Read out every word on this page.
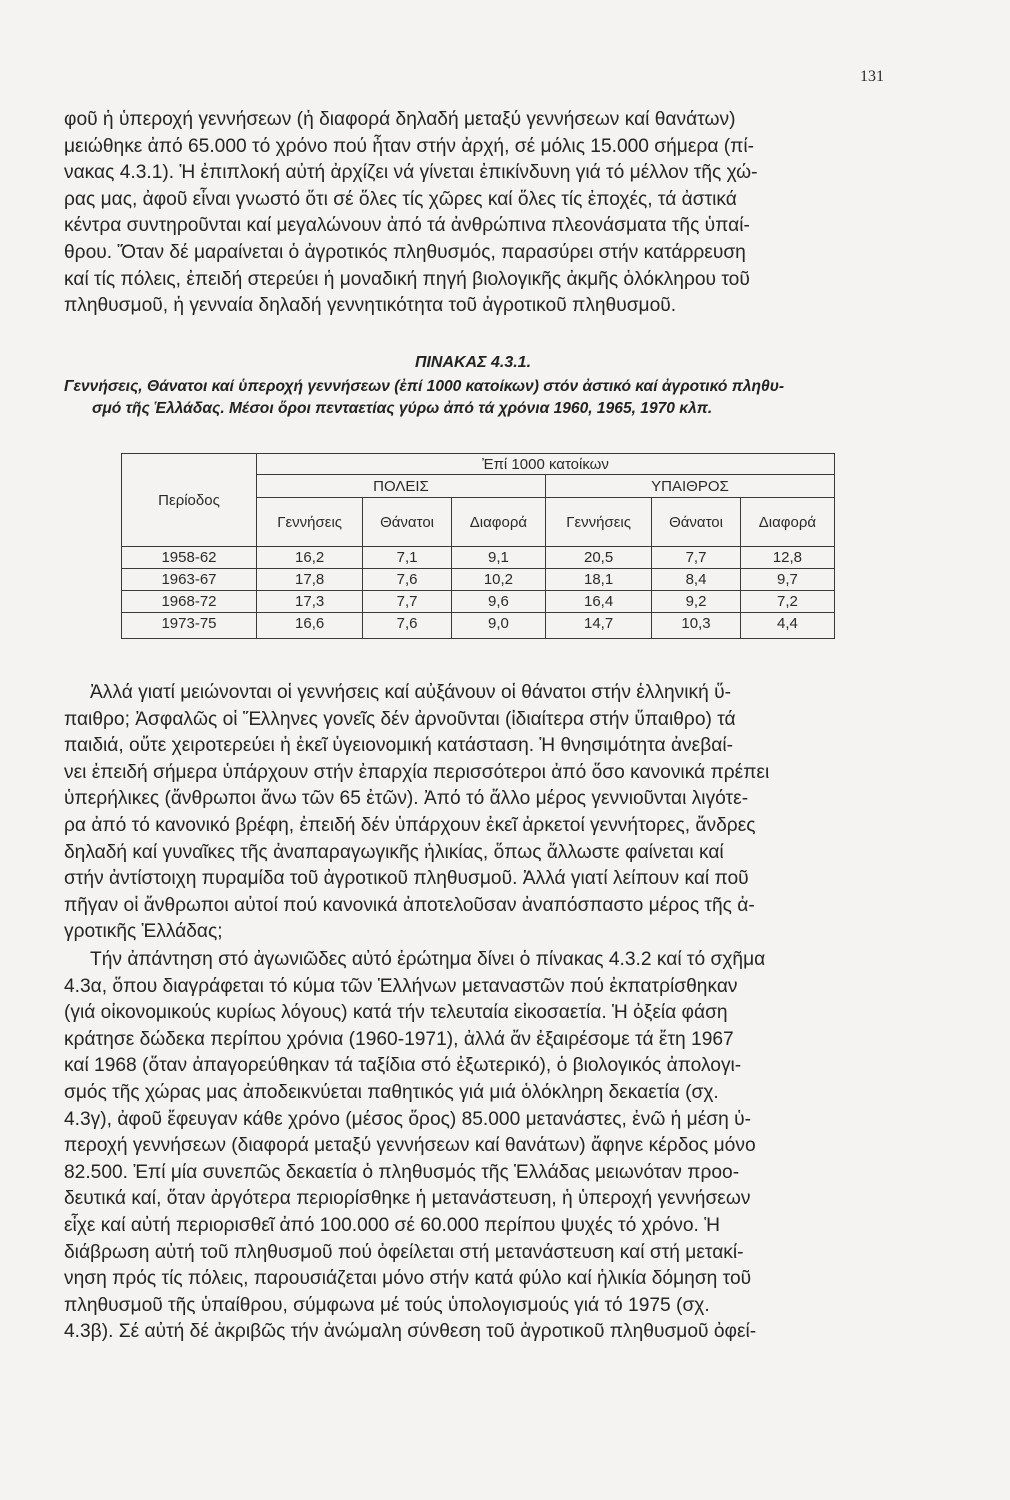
131
φοῦ ἡ ὑπεροχή γεννήσεων (ἡ διαφορά δηλαδή μεταξύ γεννήσεων καί θανάτων)
μειώθηκε ἀπό 65.000 τό χρόνο πού ἦταν στήν ἀρχή, σέ μόλις 15.000 σήμερα (πί-
νακας 4.3.1). Ἡ ἐπιπλοκή αὐτή ἀρχίζει νά γίνεται ἐπικίνδυνη γιά τό μέλλον τῆς χώ-
ρας μας, ἀφοῦ εἶναι γνωστό ὅτι σέ ὅλες τίς χῶρες καί ὅλες τίς ἐποχές, τά ἀστικά
κέντρα συντηροῦνται καί μεγαλώνουν ἀπό τά ἀνθρώπινα πλεονάσματα τῆς ὑπαί-
θρου. Ὅταν δέ μαραίνεται ὁ ἀγροτικός πληθυσμός, παρασύρει στήν κατάρρευση
καί τίς πόλεις, ἐπειδή στερεύει ἡ μοναδική πηγή βιολογικῆς ἀκμῆς ὁλόκληρου τοῦ
πληθυσμοῦ, ἡ γενναία δηλαδή γεννητικότητα τοῦ ἀγροτικοῦ πληθυσμοῦ.
ΠΙΝΑΚΑΣ 4.3.1.
Γεννήσεις, Θάνατοι καί ὑπεροχή γεννήσεων (ἐπί 1000 κατοίκων) στόν ἀστικό καί ἀγροτικό πληθυ-
σμό τῆς Ἑλλάδας. Μέσοι ὅροι πενταετίας γύρω ἀπό τά χρόνια 1960, 1965, 1970 κλπ.
Περίοδος	Ἐπί 1000 κατοίκων					
	ΠΟΛΕΙΣ			ΥΠΑΙΘΡΟΣ		
	Γεννήσεις	Θάνατοι	Διαφορά	Γεννήσεις	Θάνατοι	Διαφορά
1958-62	16,2	7,1	9,1	20,5	7,7	12,8
1963-67	17,8	7,6	10,2	18,1	8,4	9,7
1968-72	17,3	7,7	9,6	16,4	9,2	7,2
1973-75	16,6	7,6	9,0	14,7	10,3	4,4
Ἀλλά γιατί μειώνονται οἱ γεννήσεις καί αὐξάνουν οἱ θάνατοι στήν ἑλληνική ὕ-
παιθρο; Ἀσφαλῶς οἱ Ἕλληνες γονεῖς δέν ἀρνοῦνται (ἰδιαίτερα στήν ὕπαιθρο) τά
παιδιά, οὔτε χειροτερεύει ἡ ἐκεῖ ὑγειονομική κατάσταση. Ἡ θνησιμότητα ἀνεβαί-
νει ἐπειδή σήμερα ὑπάρχουν στήν ἐπαρχία περισσότεροι ἀπό ὅσο κανονικά πρέπει
ὑπερήλικες (ἄνθρωποι ἄνω τῶν 65 ἐτῶν). Ἀπό τό ἄλλο μέρος γεννιοῦνται λιγότε-
ρα ἀπό τό κανονικό βρέφη, ἐπειδή δέν ὑπάρχουν ἐκεῖ ἀρκετοί γεννήτορες, ἄνδρες
δηλαδή καί γυναῖκες τῆς ἀναπαραγωγικῆς ἡλικίας, ὅπως ἄλλωστε φαίνεται καί
στήν ἀντίστοιχη πυραμίδα τοῦ ἀγροτικοῦ πληθυσμοῦ. Ἀλλά γιατί λείπουν καί ποῦ
πῆγαν οἱ ἄνθρωποι αὐτοί πού κανονικά ἀποτελοῦσαν ἀναπόσπαστο μέρος τῆς ἀ-
γροτικῆς Ἑλλάδας;
Τήν ἀπάντηση στό ἀγωνιῶδες αὐτό ἐρώτημα δίνει ὁ πίνακας 4.3.2 καί τό σχῆμα
4.3α, ὅπου διαγράφεται τό κύμα τῶν Ἑλλήνων μεταναστῶν πού ἐκπατρίσθηκαν
(γιά οἰκονομικούς κυρίως λόγους) κατά τήν τελευταία εἰκοσαετία. Ἡ ὀξεία φάση
κράτησε δώδεκα περίπου χρόνια (1960-1971), ἀλλά ἄν ἐξαιρέσομε τά ἔτη 1967
καί 1968 (ὅταν ἀπαγορεύθηκαν τά ταξίδια στό ἐξωτερικό), ὁ βιολογικός ἀπολογι-
σμός τῆς χώρας μας ἀποδεικνύεται παθητικός γιά μιά ὁλόκληρη δεκαετία (σχ.
4.3γ), ἀφοῦ ἔφευγαν κάθε χρόνο (μέσος ὅρος) 85.000 μετανάστες, ἐνῶ ἡ μέση ὑ-
περοχή γεννήσεων (διαφορά μεταξύ γεννήσεων καί θανάτων) ἄφηνε κέρδος μόνο
82.500. Ἐπί μία συνεπῶς δεκαετία ὁ πληθυσμός τῆς Ἑλλάδας μειωνόταν προο-
δευτικά καί, ὅταν ἀργότερα περιορίσθηκε ἡ μετανάστευση, ἡ ὑπεροχή γεννήσεων
εἶχε καί αὐτή περιορισθεῖ ἀπό 100.000 σέ 60.000 περίπου ψυχές τό χρόνο. Ἡ
διάβρωση αὐτή τοῦ πληθυσμοῦ πού ὀφείλεται στή μετανάστευση καί στή μετακί-
νηση πρός τίς πόλεις, παρουσιάζεται μόνο στήν κατά φύλο καί ἡλικία δόμηση τοῦ
πληθυσμοῦ τῆς ὑπαίθρου, σύμφωνα μέ τούς ὑπολογισμούς γιά τό 1975 (σχ.
4.3β). Σέ αὐτή δέ ἀκριβῶς τήν ἀνώμαλη σύνθεση τοῦ ἀγροτικοῦ πληθυσμοῦ ὀφεί-
